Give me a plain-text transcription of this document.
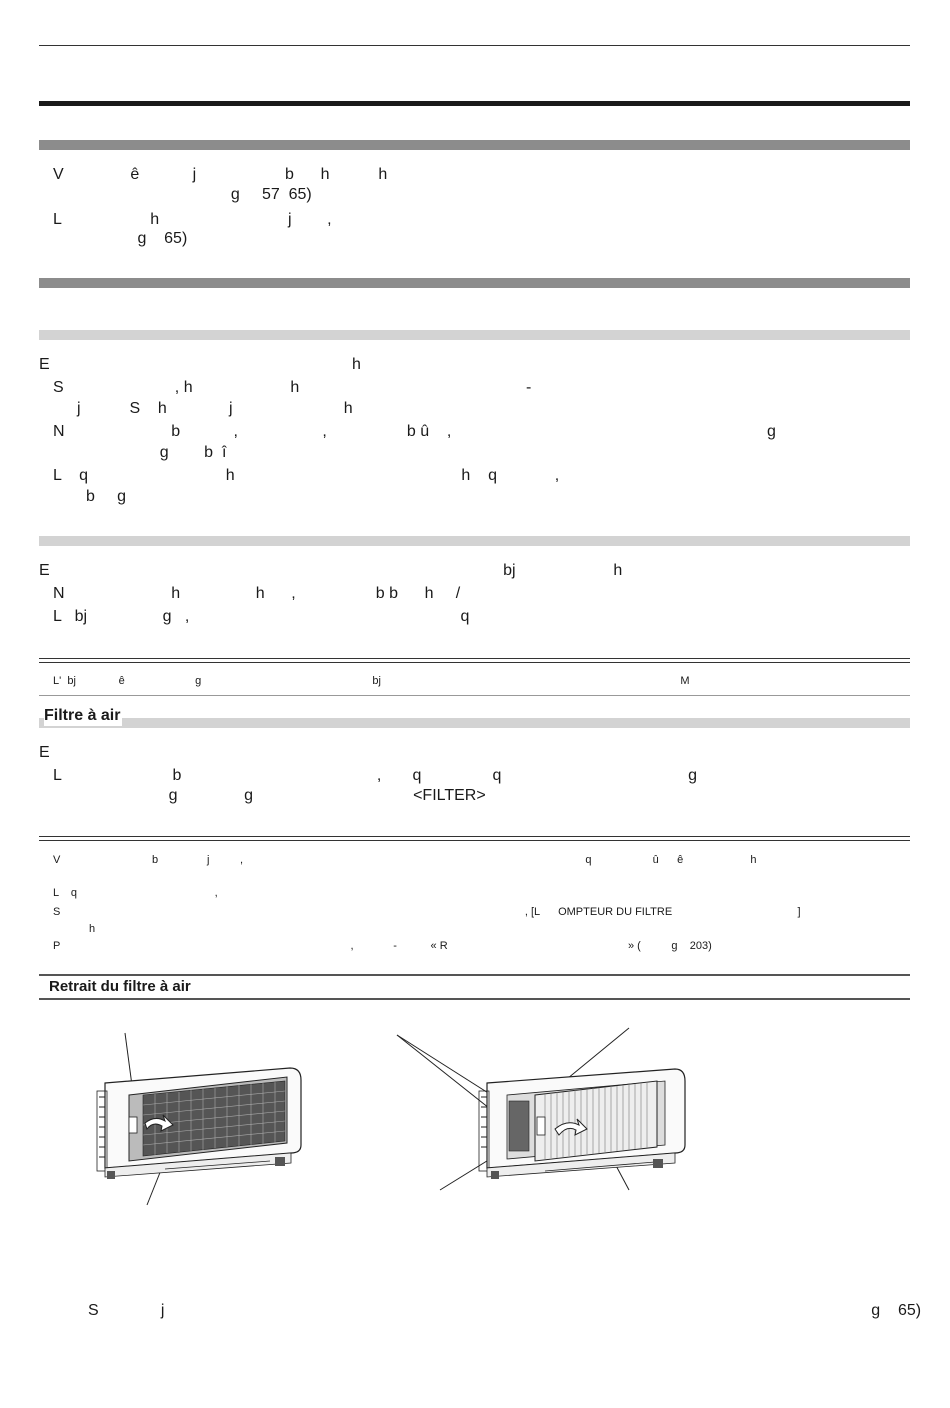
V               ê            j                    b      h           h
g     57  65)
L                    h                             j        ,
g    65)
E                                                                    h
S                         , h                      h                                                   -
j           S    h              j                         h
N                        b            ,                   ,                  b û    ,                                                                       g
g        b  î
L    q                               h                                                   h    q             ,
b     g
E                                                                                                      bj                      h
N                        h                 h      ,                  b b      h     /
L   bj                 g   ,                                                             q
L'  bj              ê                       g                                                        bj                                                                                                  M
Filtre à air
E
L                         b                                            ,       q                q                                          g
g               g                                    <FILTER>
V                              b                j          ,                                                                                                                q                    û      ê                      h
L    q                                             ,
S                                                                                                                                                        , [L      OMPTEUR DU FILTRE                                         ]
h
P                                                                                               ,             -           « R                                                           » (          g    203)
Retrait du filtre à air
S              j                                                                                                                                                               g    65)
